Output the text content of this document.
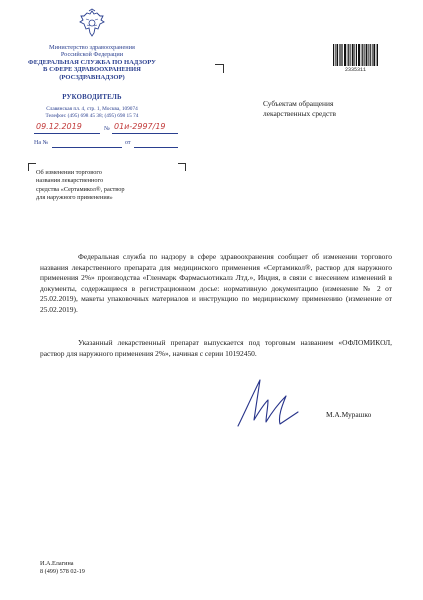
Министерство здравоохранения
Российской Федерации
ФЕДЕРАЛЬНАЯ СЛУЖБА ПО НАДЗОРУ
В СФЕРЕ ЗДРАВООХРАНЕНИЯ
(РОСЗДРАВНАДЗОР)
РУКОВОДИТЕЛЬ
Славянская пл. 4, стр. 1, Москва, 109074
Телефон: (495) 698 45 38; (495) 698 15 74
09.12.2019	№ 01и-2997/19
На №	от
2335311
Субъектам обращения
лекарственных средств
Об изменении торгового
названия лекарственного
средства «Сертамикол®, раствор
для наружного применения»

Федеральная служба по надзору в сфере здравоохранения сообщает об изменении торгового названия лекарственного препарата для медицинского применения «Сертамикол®, раствор для наружного применения 2%» производства «Гленмарк Фармасьютикалз Лтд.», Индия, в связи с внесением изменений в документы, содержащиеся в регистрационном досье: нормативную документацию (изменение № 2 от 25.02.2019), макеты упаковочных материалов и инструкцию по медицинскому применению (изменение от 25.02.2019).

Указанный лекарственный препарат выпускается под торговым названием «ОФЛОМИКОЛ, раствор для наружного применения 2%», начиная с серии 10192450.

М.А.Мурашко
И.А.Елагина
8 (499) 578 02-19
